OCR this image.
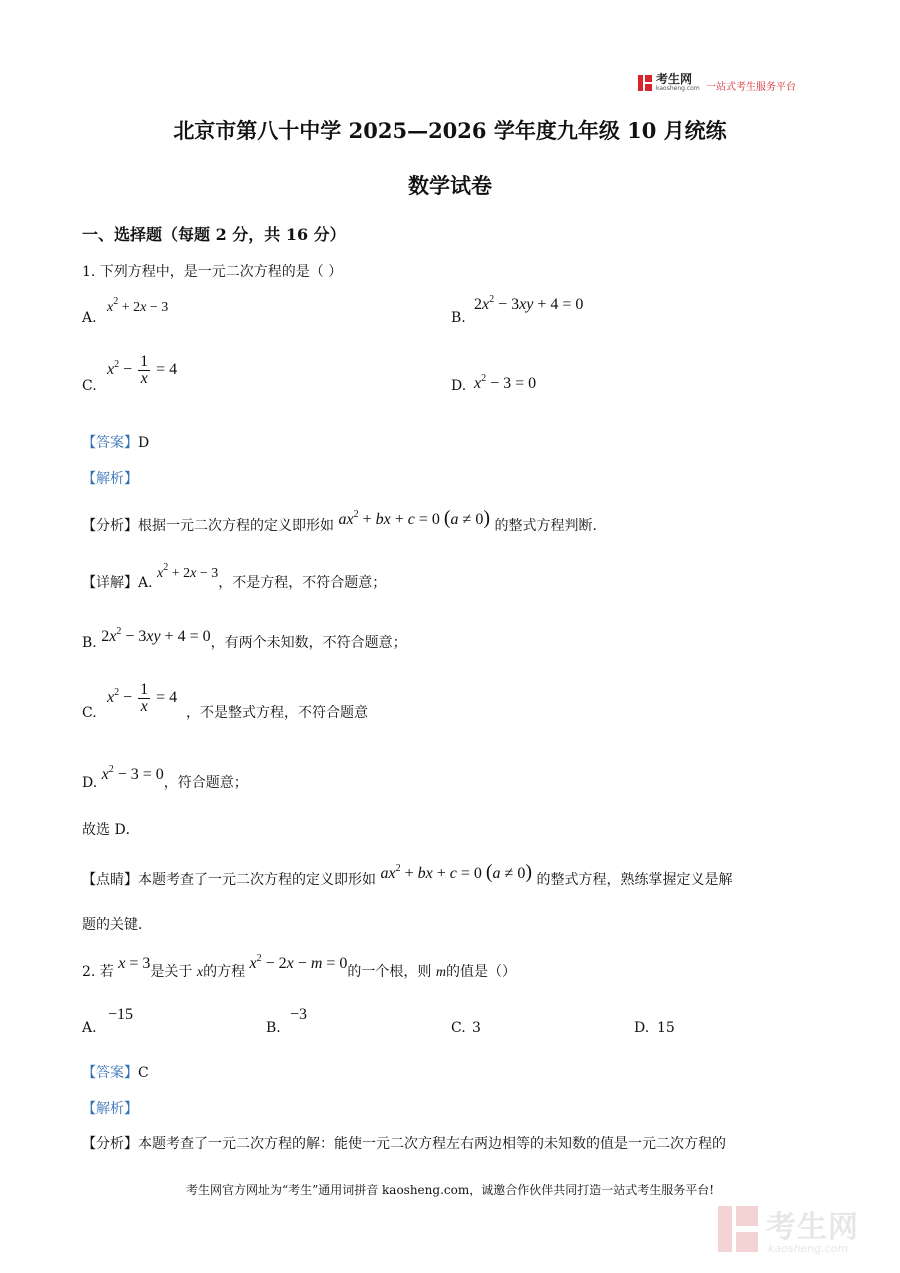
考生网
kaosheng.com 一站式考生服务平台
北京市第八十中学 2025—2026 学年度九年级 10 月统练
数学试卷
一、选择题（每题 2 分，共 16 分）
1. 下列方程中，是一元二次方程的是（ ）
A.
$x^2 + 2x - 3$
B.
$2x^2 - 3xy + 4 = 0$
C.
$x^2 - \frac{1}{x} = 4$
D. $x^2 - 3 = 0$
【答案】D
【解析】
【分析】根据一元二次方程的定义即形如 $ax^2$ + bx + c = 0 (a ≠ 0) 的整式方程判断.
【详解】A. $x^2 + 2x - 3$，不是方程，不符合题意；
B. $2x^2 - 3xy + 4 = 0$，有两个未知数，不符合题意；
C.
$x^2 - \frac{1}{x} = 4$
，不是整式方程，不符合题意
D. $x^2 - 3 = 0$，符合题意；
故选 D．
【点睛】本题考查了一元二次方程的定义即形如 $ax^2$ + bx + c = 0 (a ≠ 0) 的整式方程，熟练掌握定义是解
题的关键．
2. 若 x = 3是关于 x的方程 $x^2 - 2x - m = 0$的一个根，则 m的值是（）
A.
−15
B.
−3
C. 3	D. 15
【答案】C
【解析】
【分析】本题考查了一元二次方程的解：能使一元二次方程左右两边相等的未知数的值是一元二次方程的
考生网官方网址为“考生”通用词拼音 kaosheng.com，诚邀合作伙伴共同打造一站式考生服务平台!
考生网
kaosheng.com
